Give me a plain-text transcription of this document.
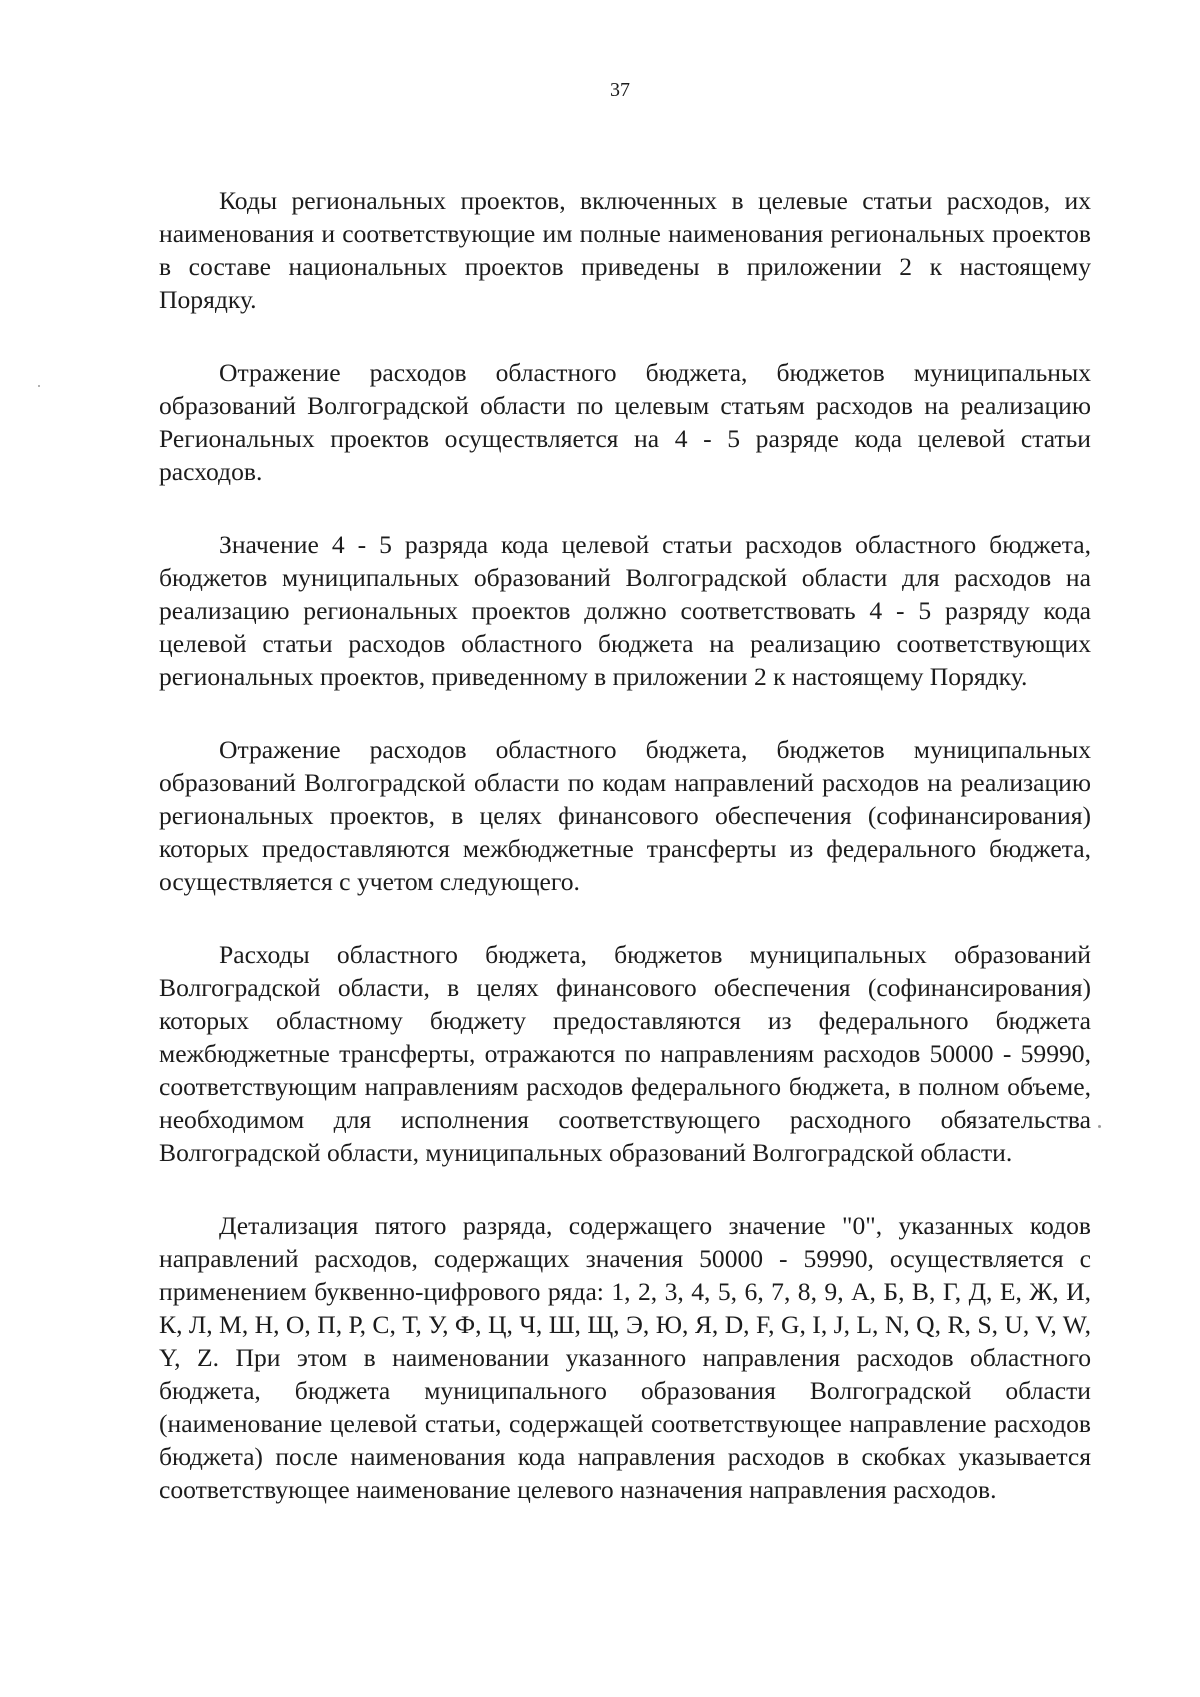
37

Коды региональных проектов, включенных в целевые статьи расходов, их наименования и соответствующие им полные наименования региональных проектов в составе национальных проектов приведены в приложении 2 к настоящему Порядку.

Отражение расходов областного бюджета, бюджетов муниципальных образований Волгоградской области по целевым статьям расходов на реализацию Региональных проектов осуществляется на 4 - 5 разряде кода целевой статьи расходов.

Значение 4 - 5 разряда кода целевой статьи расходов областного бюджета, бюджетов муниципальных образований Волгоградской области для расходов на реализацию региональных проектов должно соответствовать 4 - 5 разряду кода целевой статьи расходов областного бюджета на реализацию соответствующих региональных проектов, приведенному в приложении 2 к настоящему Порядку.

Отражение расходов областного бюджета, бюджетов муниципальных образований Волгоградской области по кодам направлений расходов на реализацию региональных проектов, в целях финансового обеспечения (софинансирования) которых предоставляются межбюджетные трансферты из федерального бюджета, осуществляется с учетом следующего.

Расходы областного бюджета, бюджетов муниципальных образований Волгоградской области, в целях финансового обеспечения (софинансирования) которых областному бюджету предоставляются из федерального бюджета межбюджетные трансферты, отражаются по направлениям расходов 50000 - 59990, соответствующим направлениям расходов федерального бюджета, в полном объеме, необходимом для исполнения соответствующего расходного обязательства Волгоградской области, муниципальных образований Волгоградской области.

Детализация пятого разряда, содержащего значение "0", указанных кодов направлений расходов, содержащих значения 50000 - 59990, осуществляется с применением буквенно-цифрового ряда: 1, 2, 3, 4, 5, 6, 7, 8, 9, А, Б, В, Г, Д, Е, Ж, И, К, Л, М, Н, О, П, Р, С, Т, У, Ф, Ц, Ч, Ш, Щ, Э, Ю, Я, D, F, G, I, J, L, N, Q, R, S, U, V, W, Y, Z. При этом в наименовании указанного направления расходов областного бюджета, бюджета муниципального образования Волгоградской области (наименование целевой статьи, содержащей соответствующее направление расходов бюджета) после наименования кода направления расходов в скобках указывается соответствующее наименование целевого назначения направления расходов.
